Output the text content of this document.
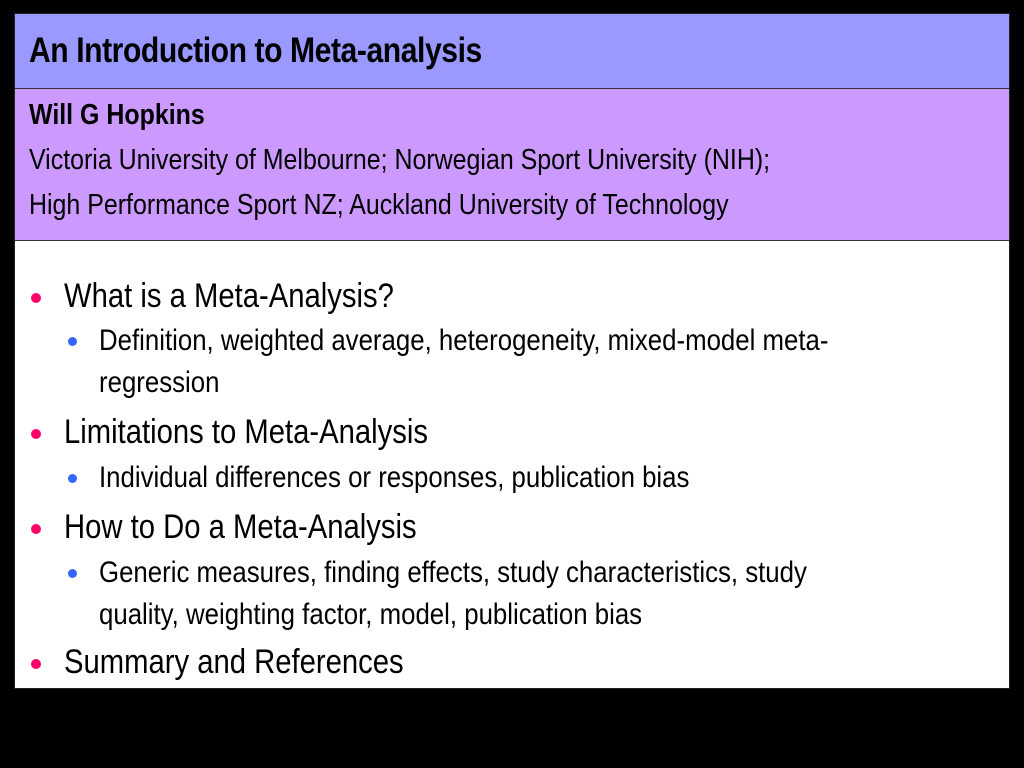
An Introduction to Meta-analysis
Will G Hopkins
Victoria University of Melbourne; Norwegian Sport University (NIH);
High Performance Sport NZ; Auckland University of Technology
What is a Meta-Analysis?
Definition, weighted average, heterogeneity, mixed-model meta-
regression
Limitations to Meta-Analysis
Individual differences or responses, publication bias
How to Do a Meta-Analysis
Generic measures, finding effects, study characteristics, study
quality, weighting factor, model, publication bias
Summary and References
